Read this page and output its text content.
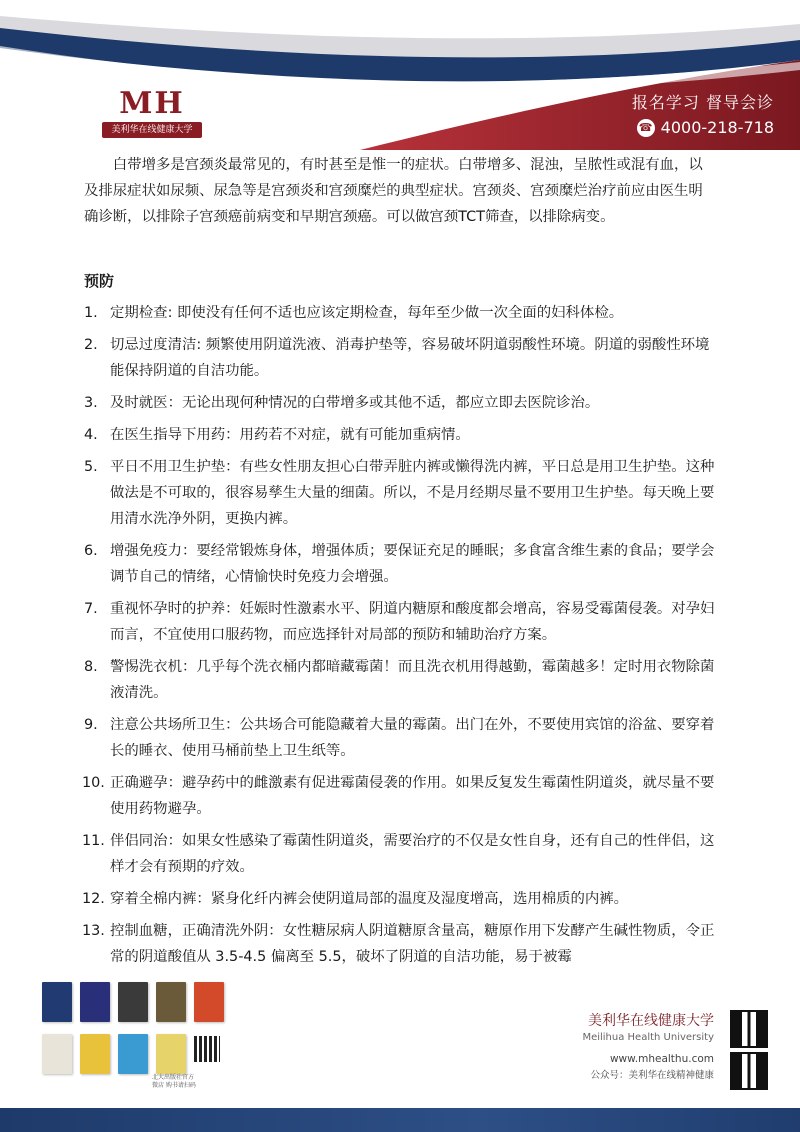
MH
美利华在线健康大学
报名学习 督导会诊
☎ 4000-218-718

白带增多是宫颈炎最常见的，有时甚至是惟一的症状。白带增多、混浊，呈脓性或混有血，以及排尿症状如尿频、尿急等是宫颈炎和宫颈糜烂的典型症状。宫颈炎、宫颈糜烂治疗前应由医生明确诊断，以排除子宫颈癌前病变和早期宫颈癌。可以做宫颈TCT筛查，以排除病变。

预防
1. 定期检查: 即使没有任何不适也应该定期检查，每年至少做一次全面的妇科体检。
2. 切忌过度清洁: 频繁使用阴道洗液、消毒护垫等，容易破坏阴道弱酸性环境。阴道的弱酸性环境能保持阴道的自洁功能。
3. 及时就医：无论出现何种情况的白带增多或其他不适，都应立即去医院诊治。
4. 在医生指导下用药：用药若不对症，就有可能加重病情。
5. 平日不用卫生护垫：有些女性朋友担心白带弄脏内裤或懒得洗内裤，平日总是用卫生护垫。这种做法是不可取的，很容易孳生大量的细菌。所以，不是月经期尽量不要用卫生护垫。每天晚上要用清水洗净外阴，更换内裤。
6. 增强免疫力：要经常锻炼身体，增强体质；要保证充足的睡眠；多食富含维生素的食品；要学会调节自己的情绪，心情愉快时免疫力会增强。
7. 重视怀孕时的护养：妊娠时性激素水平、阴道内糖原和酸度都会增高，容易受霉菌侵袭。对孕妇而言，不宜使用口服药物，而应选择针对局部的预防和辅助治疗方案。
8. 警惕洗衣机：几乎每个洗衣桶内都暗藏霉菌！而且洗衣机用得越勤，霉菌越多！定时用衣物除菌液清洗。
9. 注意公共场所卫生：公共场合可能隐藏着大量的霉菌。出门在外，不要使用宾馆的浴盆、要穿着长的睡衣、使用马桶前垫上卫生纸等。
10. 正确避孕：避孕药中的雌激素有促进霉菌侵袭的作用。如果反复发生霉菌性阴道炎，就尽量不要使用药物避孕。
11. 伴侣同治：如果女性感染了霉菌性阴道炎，需要治疗的不仅是女性自身，还有自己的性伴侣，这样才会有预期的疗效。
12. 穿着全棉内裤：紧身化纤内裤会使阴道局部的温度及湿度增高，选用棉质的内裤。
13. 控制血糖，正确清洗外阴：女性糖尿病人阴道糖原含量高，糖原作用下发酵产生碱性物质，令正常的阴道酸值从 3.5-4.5 偏离至 5.5，破坏了阴道的自洁功能，易于被霉
北大出版社官方微店 购书请扫码
美利华在线健康大学
Meilihua Health University
www.mhealthu.com
公众号：美利华在线精神健康
